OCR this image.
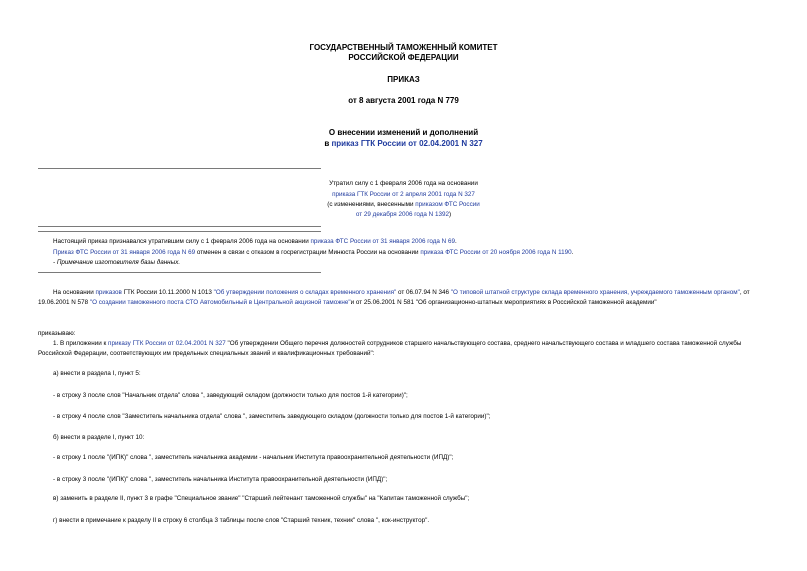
ГОСУДАРСТВЕННЫЙ ТАМОЖЕННЫЙ КОМИТЕТ
РОССИЙСКОЙ ФЕДЕРАЦИИ
ПРИКАЗ
от 8 августа 2001 года N 779
О внесении изменений и дополнений
в приказ ГТК России от 02.04.2001 N 327
Утратил силу с 1 февраля 2006 года на основании
приказа ГТК России от 2 апреля 2001 года N 327
(с изменениями, внесенными приказом ФТС России
от 29 декабря 2006 года N 1392)
Настоящий приказ признавался утратившим силу с 1 февраля 2006 года на основании приказа ФТС России от 31 января 2006 года N 69.
Приказ ФТС России от 31 января 2006 года N 69 отменен в связи с отказом в госрегистрации Минюста России на основании приказа ФТС России от 20 ноября 2006 года N 1190.
- Примечание изготовителя базы данных.
На основании приказов ГТК России 10.11.2000 N 1013 "Об утверждении положения о складах временного хранения" от 06.07.94 N 346 "О типовой штатной структуре склада временного хранения, учреждаемого таможенным органом", от 19.06.2001 N 578 "О создании таможенного поста СТО Автомобильный в Центральной акцизной таможне"и от 25.06.2001 N 581 "Об организационно-штатных мероприятиях в Российской таможенной академии"
приказываю:
1. В приложении к приказу ГТК России от 02.04.2001 N 327 "Об утверждении Общего перечня должностей сотрудников старшего начальствующего состава, среднего начальствующего состава и младшего состава таможенной службы Российской Федерации, соответствующих им предельных специальных званий и квалификационных требований":
а) внести в раздела I, пункт 5:
- в строку 3 после слов "Начальник отдела" слова ", заведующий складом (должности только для постов 1-й категории)";
- в строку 4 после слов "Заместитель начальника отдела" слова ", заместитель заведующего складом (должности только для постов 1-й категории)";
б) внести в разделе I, пункт 10:
- в строку 1 после "(ИПК)" слова ", заместитель начальника академии - начальник Института правоохранительной деятельности (ИПД)";
- в строку 3 после "(ИПК)" слова ", заместитель начальника Института правоохранительной деятельности (ИПД)";
в) заменить в разделе II, пункт 3 в графе "Специальное звание" "Старший лейтенант таможенной службы" на "Капитан таможенной службы";
г) внести в примечание к разделу II в строку 6 столбца 3 таблицы после слов "Старший техник, техник" слова ", кок-инструктор".
